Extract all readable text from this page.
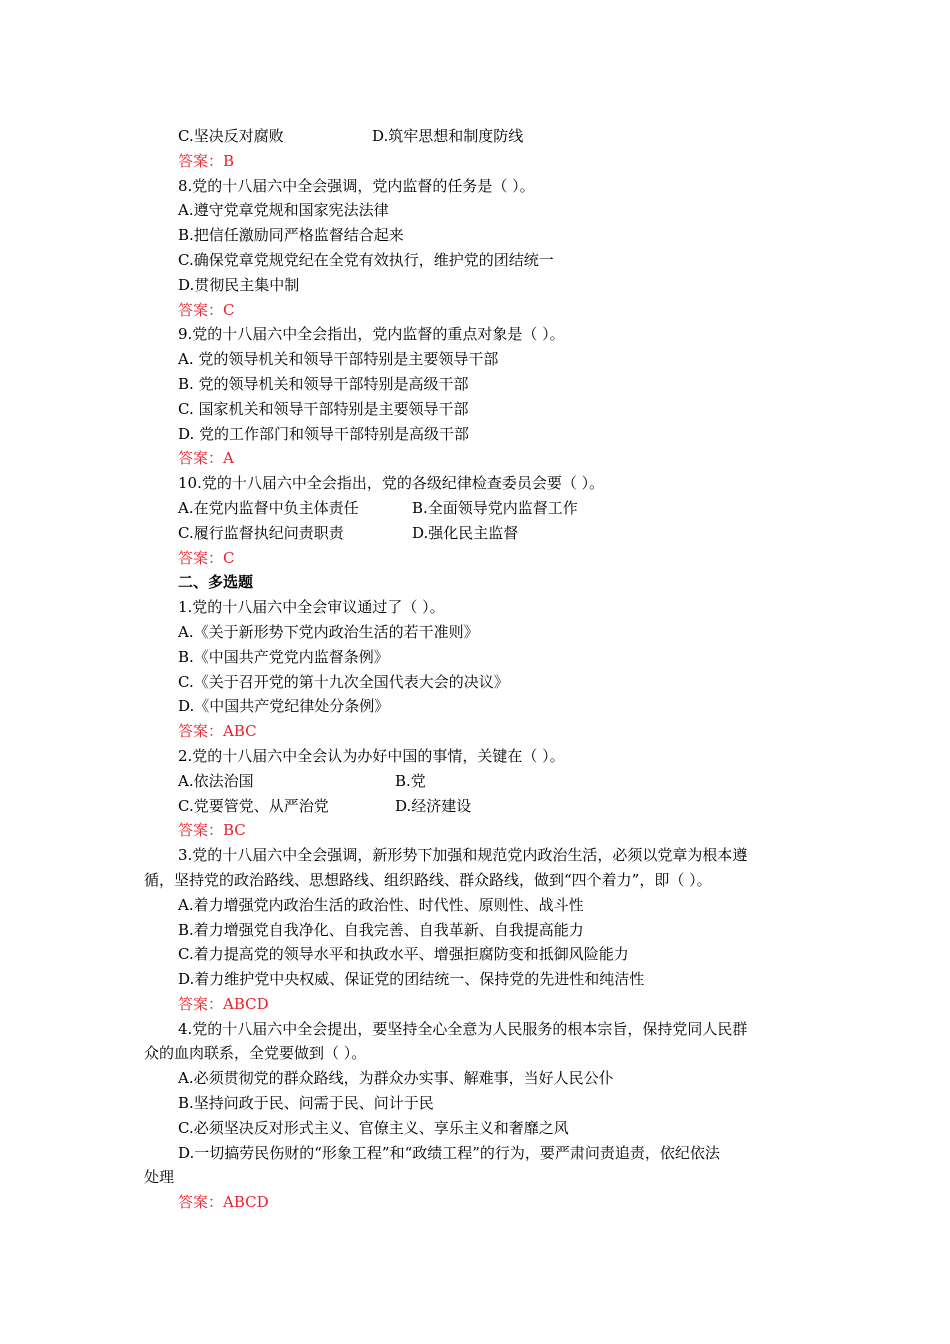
C.坚决反对腐败	D.筑牢思想和制度防线
答案：B
8.党的十八届六中全会强调，党内监督的任务是（ ）。
A.遵守党章党规和国家宪法法律
B.把信任激励同严格监督结合起来
C.确保党章党规党纪在全党有效执行，维护党的团结统一
D.贯彻民主集中制
答案：C
9.党的十八届六中全会指出，党内监督的重点对象是（ ）。
A. 党的领导机关和领导干部特别是主要领导干部
B. 党的领导机关和领导干部特别是高级干部
C. 国家机关和领导干部特别是主要领导干部
D. 党的工作部门和领导干部特别是高级干部
答案：A
10.党的十八届六中全会指出，党的各级纪律检查委员会要（ ）。
A.在党内监督中负主体责任	B.全面领导党内监督工作
C.履行监督执纪问责职责	D.强化民主监督
答案：C
二、多选题
1.党的十八届六中全会审议通过了（ ）。
A.《关于新形势下党内政治生活的若干准则》
B.《中国共产党党内监督条例》
C.《关于召开党的第十九次全国代表大会的决议》
D.《中国共产党纪律处分条例》
答案：ABC
2.党的十八届六中全会认为办好中国的事情，关键在（ ）。
A.依法治国	B.党
C.党要管党、从严治党	D.经济建设
答案：BC
3.党的十八届六中全会强调，新形势下加强和规范党内政治生活，必须以党章为根本遵
循，坚持党的政治路线、思想路线、组织路线、群众路线，做到“四个着力”，即（ ）。
A.着力增强党内政治生活的政治性、时代性、原则性、战斗性
B.着力增强党自我净化、自我完善、自我革新、自我提高能力
C.着力提高党的领导水平和执政水平、增强拒腐防变和抵御风险能力
D.着力维护党中央权威、保证党的团结统一、保持党的先进性和纯洁性
答案：ABCD
4.党的十八届六中全会提出，要坚持全心全意为人民服务的根本宗旨，保持党同人民群
众的血肉联系，全党要做到（ ）。
A.必须贯彻党的群众路线，为群众办实事、解难事，当好人民公仆
B.坚持问政于民、问需于民、问计于民
C.必须坚决反对形式主义、官僚主义、享乐主义和奢靡之风
D.一切搞劳民伤财的“形象工程”和“政绩工程”的行为，要严肃问责追责，依纪依法
处理
答案：ABCD
